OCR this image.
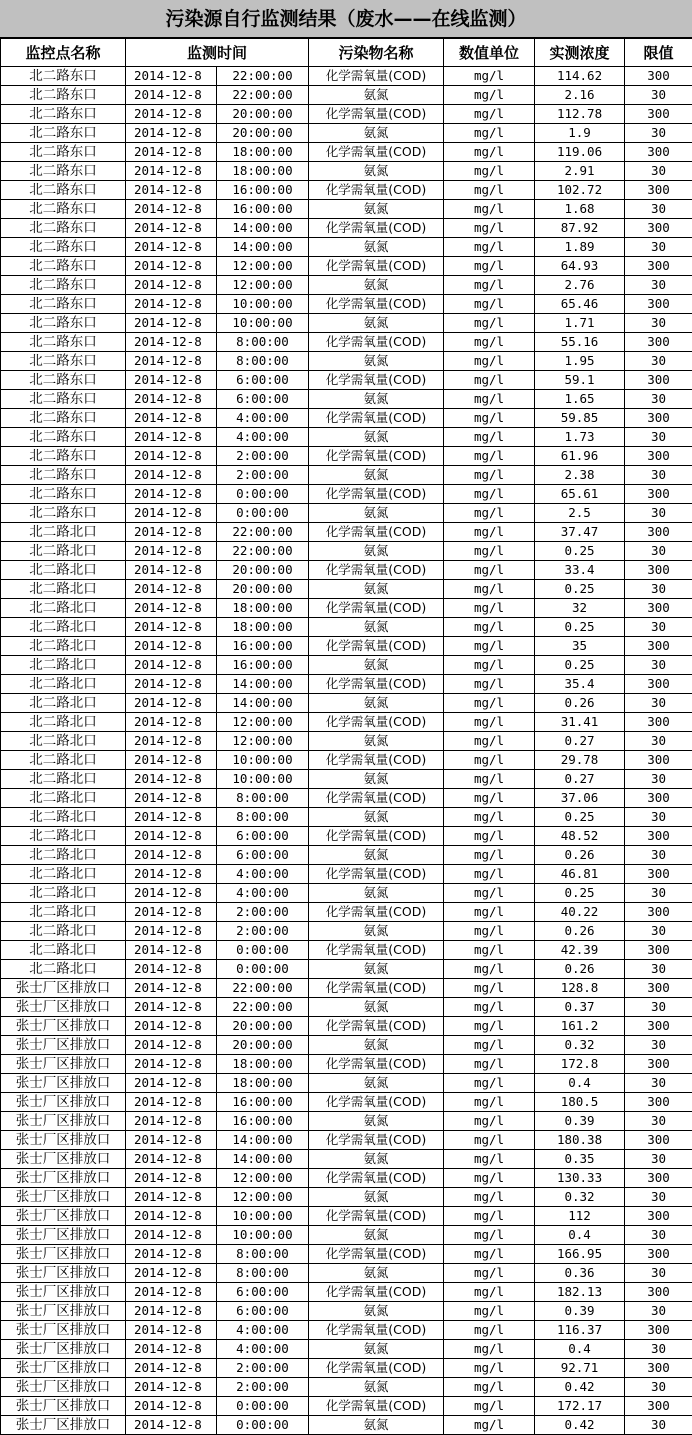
污染源自行监测结果（废水——在线监测）
监控点名称	监测时间		污染物名称	数值单位	实测浓度	限值
北二路东口	2014-12-8	22:00:00	化学需氧量(COD)	mg/l	114.62	300
北二路东口	2014-12-8	22:00:00	氨氮	mg/l	2.16	30
北二路东口	2014-12-8	20:00:00	化学需氧量(COD)	mg/l	112.78	300
北二路东口	2014-12-8	20:00:00	氨氮	mg/l	1.9	30
北二路东口	2014-12-8	18:00:00	化学需氧量(COD)	mg/l	119.06	300
北二路东口	2014-12-8	18:00:00	氨氮	mg/l	2.91	30
北二路东口	2014-12-8	16:00:00	化学需氧量(COD)	mg/l	102.72	300
北二路东口	2014-12-8	16:00:00	氨氮	mg/l	1.68	30
北二路东口	2014-12-8	14:00:00	化学需氧量(COD)	mg/l	87.92	300
北二路东口	2014-12-8	14:00:00	氨氮	mg/l	1.89	30
北二路东口	2014-12-8	12:00:00	化学需氧量(COD)	mg/l	64.93	300
北二路东口	2014-12-8	12:00:00	氨氮	mg/l	2.76	30
北二路东口	2014-12-8	10:00:00	化学需氧量(COD)	mg/l	65.46	300
北二路东口	2014-12-8	10:00:00	氨氮	mg/l	1.71	30
北二路东口	2014-12-8	8:00:00	化学需氧量(COD)	mg/l	55.16	300
北二路东口	2014-12-8	8:00:00	氨氮	mg/l	1.95	30
北二路东口	2014-12-8	6:00:00	化学需氧量(COD)	mg/l	59.1	300
北二路东口	2014-12-8	6:00:00	氨氮	mg/l	1.65	30
北二路东口	2014-12-8	4:00:00	化学需氧量(COD)	mg/l	59.85	300
北二路东口	2014-12-8	4:00:00	氨氮	mg/l	1.73	30
北二路东口	2014-12-8	2:00:00	化学需氧量(COD)	mg/l	61.96	300
北二路东口	2014-12-8	2:00:00	氨氮	mg/l	2.38	30
北二路东口	2014-12-8	0:00:00	化学需氧量(COD)	mg/l	65.61	300
北二路东口	2014-12-8	0:00:00	氨氮	mg/l	2.5	30
北二路北口	2014-12-8	22:00:00	化学需氧量(COD)	mg/l	37.47	300
北二路北口	2014-12-8	22:00:00	氨氮	mg/l	0.25	30
北二路北口	2014-12-8	20:00:00	化学需氧量(COD)	mg/l	33.4	300
北二路北口	2014-12-8	20:00:00	氨氮	mg/l	0.25	30
北二路北口	2014-12-8	18:00:00	化学需氧量(COD)	mg/l	32	300
北二路北口	2014-12-8	18:00:00	氨氮	mg/l	0.25	30
北二路北口	2014-12-8	16:00:00	化学需氧量(COD)	mg/l	35	300
北二路北口	2014-12-8	16:00:00	氨氮	mg/l	0.25	30
北二路北口	2014-12-8	14:00:00	化学需氧量(COD)	mg/l	35.4	300
北二路北口	2014-12-8	14:00:00	氨氮	mg/l	0.26	30
北二路北口	2014-12-8	12:00:00	化学需氧量(COD)	mg/l	31.41	300
北二路北口	2014-12-8	12:00:00	氨氮	mg/l	0.27	30
北二路北口	2014-12-8	10:00:00	化学需氧量(COD)	mg/l	29.78	300
北二路北口	2014-12-8	10:00:00	氨氮	mg/l	0.27	30
北二路北口	2014-12-8	8:00:00	化学需氧量(COD)	mg/l	37.06	300
北二路北口	2014-12-8	8:00:00	氨氮	mg/l	0.25	30
北二路北口	2014-12-8	6:00:00	化学需氧量(COD)	mg/l	48.52	300
北二路北口	2014-12-8	6:00:00	氨氮	mg/l	0.26	30
北二路北口	2014-12-8	4:00:00	化学需氧量(COD)	mg/l	46.81	300
北二路北口	2014-12-8	4:00:00	氨氮	mg/l	0.25	30
北二路北口	2014-12-8	2:00:00	化学需氧量(COD)	mg/l	40.22	300
北二路北口	2014-12-8	2:00:00	氨氮	mg/l	0.26	30
北二路北口	2014-12-8	0:00:00	化学需氧量(COD)	mg/l	42.39	300
北二路北口	2014-12-8	0:00:00	氨氮	mg/l	0.26	30
张士厂区排放口	2014-12-8	22:00:00	化学需氧量(COD)	mg/l	128.8	300
张士厂区排放口	2014-12-8	22:00:00	氨氮	mg/l	0.37	30
张士厂区排放口	2014-12-8	20:00:00	化学需氧量(COD)	mg/l	161.2	300
张士厂区排放口	2014-12-8	20:00:00	氨氮	mg/l	0.32	30
张士厂区排放口	2014-12-8	18:00:00	化学需氧量(COD)	mg/l	172.8	300
张士厂区排放口	2014-12-8	18:00:00	氨氮	mg/l	0.4	30
张士厂区排放口	2014-12-8	16:00:00	化学需氧量(COD)	mg/l	180.5	300
张士厂区排放口	2014-12-8	16:00:00	氨氮	mg/l	0.39	30
张士厂区排放口	2014-12-8	14:00:00	化学需氧量(COD)	mg/l	180.38	300
张士厂区排放口	2014-12-8	14:00:00	氨氮	mg/l	0.35	30
张士厂区排放口	2014-12-8	12:00:00	化学需氧量(COD)	mg/l	130.33	300
张士厂区排放口	2014-12-8	12:00:00	氨氮	mg/l	0.32	30
张士厂区排放口	2014-12-8	10:00:00	化学需氧量(COD)	mg/l	112	300
张士厂区排放口	2014-12-8	10:00:00	氨氮	mg/l	0.4	30
张士厂区排放口	2014-12-8	8:00:00	化学需氧量(COD)	mg/l	166.95	300
张士厂区排放口	2014-12-8	8:00:00	氨氮	mg/l	0.36	30
张士厂区排放口	2014-12-8	6:00:00	化学需氧量(COD)	mg/l	182.13	300
张士厂区排放口	2014-12-8	6:00:00	氨氮	mg/l	0.39	30
张士厂区排放口	2014-12-8	4:00:00	化学需氧量(COD)	mg/l	116.37	300
张士厂区排放口	2014-12-8	4:00:00	氨氮	mg/l	0.4	30
张士厂区排放口	2014-12-8	2:00:00	化学需氧量(COD)	mg/l	92.71	300
张士厂区排放口	2014-12-8	2:00:00	氨氮	mg/l	0.42	30
张士厂区排放口	2014-12-8	0:00:00	化学需氧量(COD)	mg/l	172.17	300
张士厂区排放口	2014-12-8	0:00:00	氨氮	mg/l	0.42	30
